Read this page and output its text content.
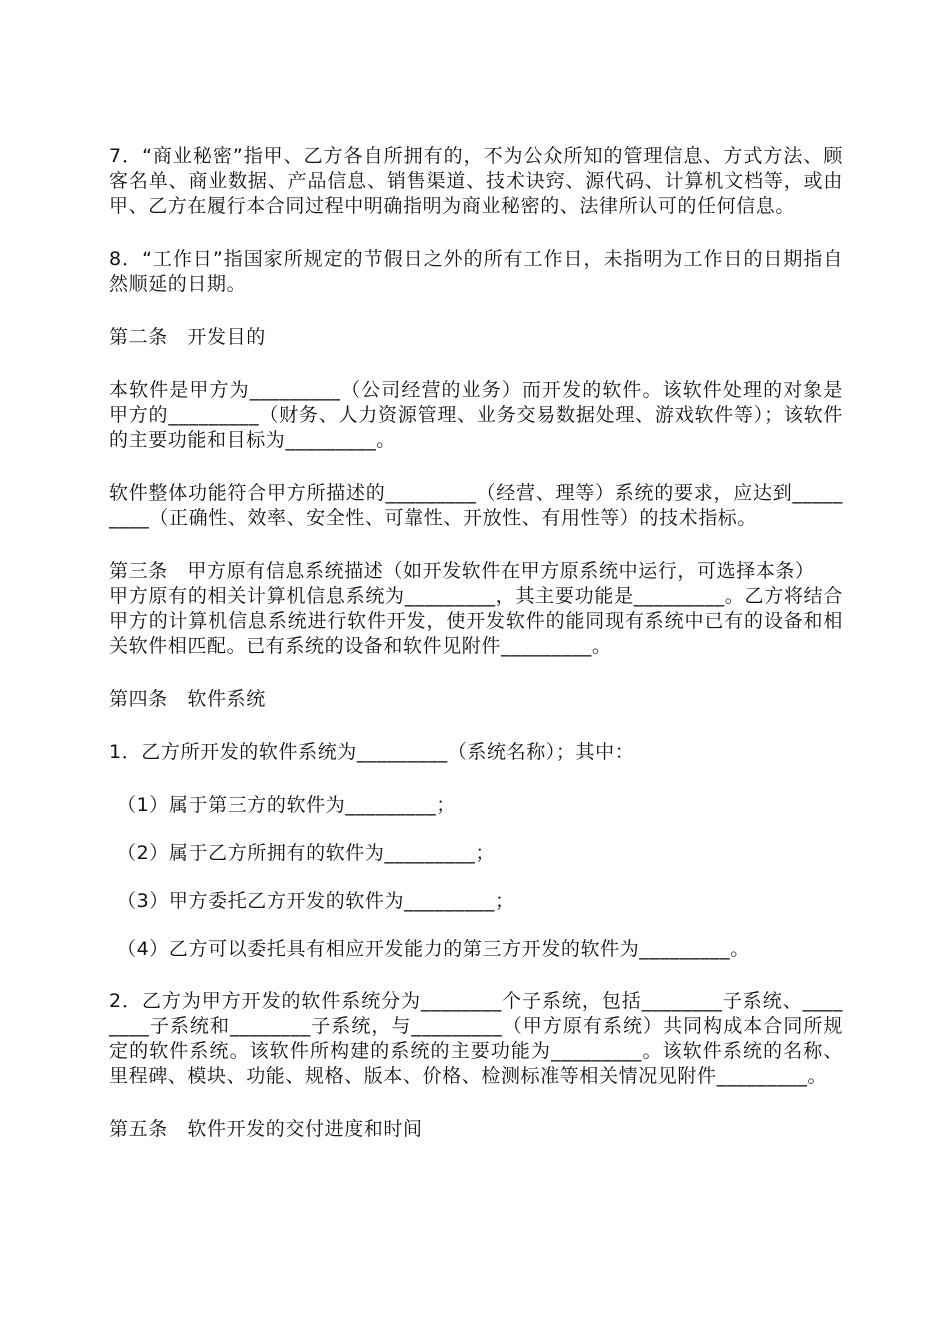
7．“商业秘密”指甲、乙方各自所拥有的，不为公众所知的管理信息、方式方法、顾客名单、商业数据、产品信息、销售渠道、技术诀窍、源代码、计算机文档等，或由甲、乙方在履行本合同过程中明确指明为商业秘密的、法律所认可的任何信息。

8．“工作日”指国家所规定的节假日之外的所有工作日，未指明为工作日的日期指自然顺延的日期。

第二条　开发目的

本软件是甲方为_________（公司经营的业务）而开发的软件。该软件处理的对象是甲方的_________（财务、人力资源管理、业务交易数据处理、游戏软件等）；该软件的主要功能和目标为_________。

软件整体功能符合甲方所描述的_________（经营、理等）系统的要求，应达到_________（正确性、效率、安全性、可靠性、开放性、有用性等）的技术指标。

第三条　甲方原有信息系统描述（如开发软件在甲方原系统中运行，可选择本条）

甲方原有的相关计算机信息系统为_________，其主要功能是_________。乙方将结合甲方的计算机信息系统进行软件开发，使开发软件的能同现有系统中已有的设备和相关软件相匹配。已有系统的设备和软件见附件_________。

第四条　软件系统

1．乙方所开发的软件系统为_________（系统名称）；其中：

（1）属于第三方的软件为_________；

（2）属于乙方所拥有的软件为_________；

（3）甲方委托乙方开发的软件为_________；

（4）乙方可以委托具有相应开发能力的第三方开发的软件为_________。

2．乙方为甲方开发的软件系统分为________个子系统，包括________子系统、________子系统和________子系统，与_________（甲方原有系统）共同构成本合同所规定的软件系统。该软件所构建的系统的主要功能为_________。该软件系统的名称、里程碑、模块、功能、规格、版本、价格、检测标准等相关情况见附件_________。

第五条　软件开发的交付进度和时间
